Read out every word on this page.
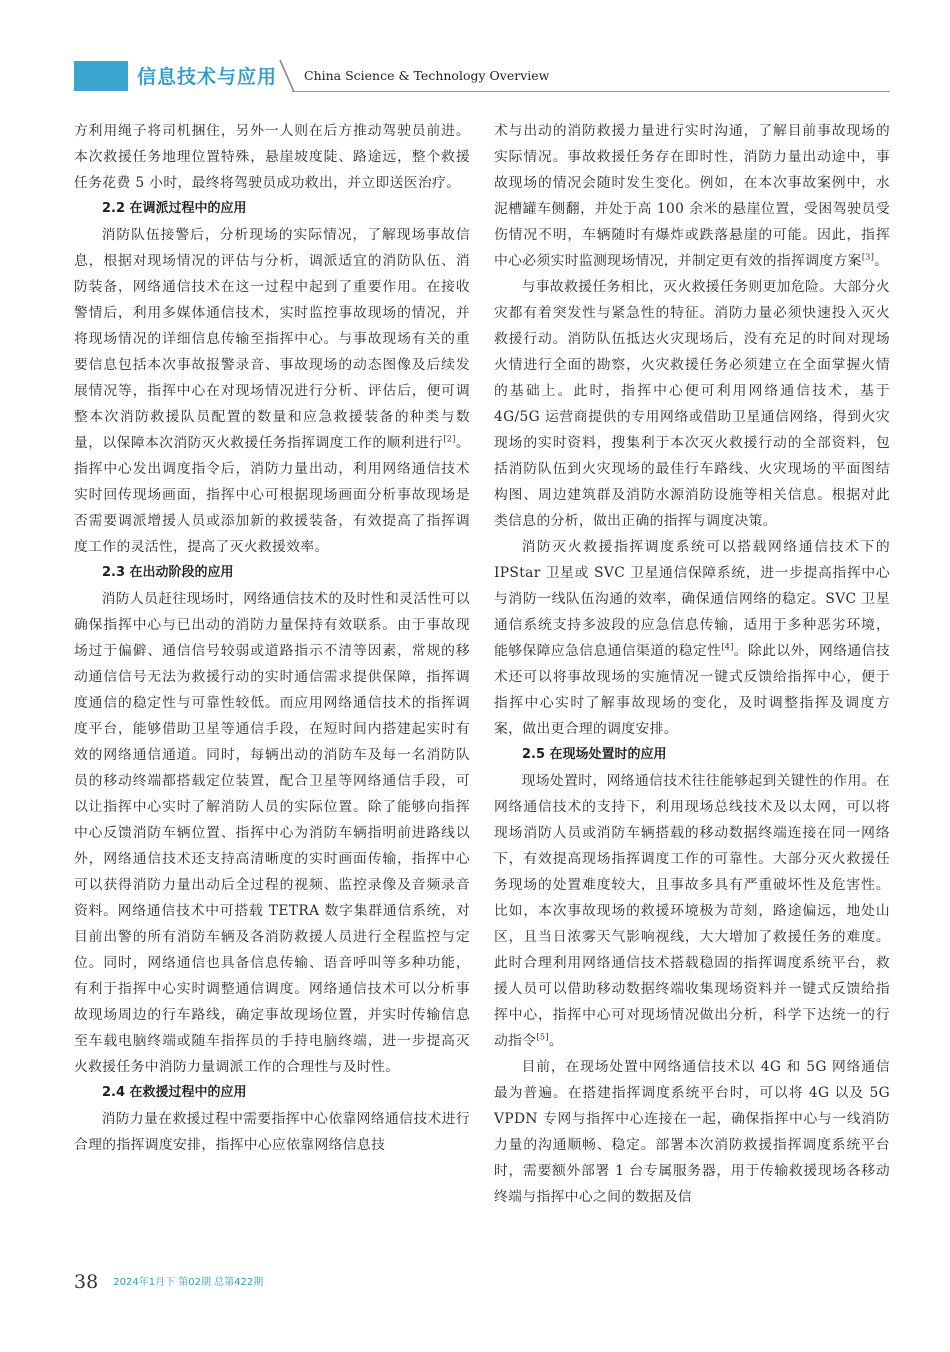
信息技术与应用 China Science & Technology Overview

方利用绳子将司机捆住，另外一人则在后方推动驾驶员前进。本次救援任务地理位置特殊，悬崖坡度陡、路途远，整个救援任务花费 5 小时，最终将驾驶员成功救出，并立即送医治疗。

2.2 在调派过程中的应用

消防队伍接警后，分析现场的实际情况，了解现场事故信息，根据对现场情况的评估与分析，调派适宜的消防队伍、消防装备，网络通信技术在这一过程中起到了重要作用。在接收警情后，利用多媒体通信技术，实时监控事故现场的情况，并将现场情况的详细信息传输至指挥中心。与事故现场有关的重要信息包括本次事故报警录音、事故现场的动态图像及后续发展情况等，指挥中心在对现场情况进行分析、评估后，便可调整本次消防救援队员配置的数量和应急救援装备的种类与数量，以保障本次消防灭火救援任务指挥调度工作的顺利进行[2]。指挥中心发出调度指令后，消防力量出动，利用网络通信技术实时回传现场画面，指挥中心可根据现场画面分析事故现场是否需要调派增援人员或添加新的救援装备，有效提高了指挥调度工作的灵活性，提高了灭火救援效率。

2.3 在出动阶段的应用

消防人员赶往现场时，网络通信技术的及时性和灵活性可以确保指挥中心与已出动的消防力量保持有效联系。由于事故现场过于偏僻、通信信号较弱或道路指示不清等因素，常规的移动通信信号无法为救援行动的实时通信需求提供保障，指挥调度通信的稳定性与可靠性较低。而应用网络通信技术的指挥调度平台，能够借助卫星等通信手段，在短时间内搭建起实时有效的网络通信通道。同时，每辆出动的消防车及每一名消防队员的移动终端都搭载定位装置，配合卫星等网络通信手段，可以让指挥中心实时了解消防人员的实际位置。除了能够向指挥中心反馈消防车辆位置、指挥中心为消防车辆指明前进路线以外，网络通信技术还支持高清晰度的实时画面传输，指挥中心可以获得消防力量出动后全过程的视频、监控录像及音频录音资料。网络通信技术中可搭载 TETRA 数字集群通信系统，对目前出警的所有消防车辆及各消防救援人员进行全程监控与定位。同时，网络通信也具备信息传输、语音呼叫等多种功能，有利于指挥中心实时调整通信调度。网络通信技术可以分析事故现场周边的行车路线，确定事故现场位置，并实时传输信息至车载电脑终端或随车指挥员的手持电脑终端，进一步提高灭火救援任务中消防力量调派工作的合理性与及时性。

2.4 在救援过程中的应用

消防力量在救援过程中需要指挥中心依靠网络通信技术进行合理的指挥调度安排，指挥中心应依靠网络信息技

术与出动的消防救援力量进行实时沟通，了解目前事故现场的实际情况。事故救援任务存在即时性，消防力量出动途中，事故现场的情况会随时发生变化。例如，在本次事故案例中，水泥槽罐车侧翻，并处于高 100 余米的悬崖位置，受困驾驶员受伤情况不明，车辆随时有爆炸或跌落悬崖的可能。因此，指挥中心必须实时监测现场情况，并制定更有效的指挥调度方案[3]。

与事故救援任务相比，灭火救援任务则更加危险。大部分火灾都有着突发性与紧急性的特征。消防力量必须快速投入灭火救援行动。消防队伍抵达火灾现场后，没有充足的时间对现场火情进行全面的勘察，火灾救援任务必须建立在全面掌握火情的基础上。此时，指挥中心便可利用网络通信技术，基于 4G/5G 运营商提供的专用网络或借助卫星通信网络，得到火灾现场的实时资料，搜集利于本次灭火救援行动的全部资料，包括消防队伍到火灾现场的最佳行车路线、火灾现场的平面图结构图、周边建筑群及消防水源消防设施等相关信息。根据对此类信息的分析，做出正确的指挥与调度决策。

消防灭火救援指挥调度系统可以搭载网络通信技术下的 IPStar 卫星或 SVC 卫星通信保障系统，进一步提高指挥中心与消防一线队伍沟通的效率，确保通信网络的稳定。SVC 卫星通信系统支持多波段的应急信息传输，适用于多种恶劣环境，能够保障应急信息通信渠道的稳定性[4]。除此以外，网络通信技术还可以将事故现场的实施情况一键式反馈给指挥中心，便于指挥中心实时了解事故现场的变化，及时调整指挥及调度方案，做出更合理的调度安排。

2.5 在现场处置时的应用

现场处置时，网络通信技术往往能够起到关键性的作用。在网络通信技术的支持下，利用现场总线技术及以太网，可以将现场消防人员或消防车辆搭载的移动数据终端连接在同一网络下，有效提高现场指挥调度工作的可靠性。大部分灭火救援任务现场的处置难度较大，且事故多具有严重破坏性及危害性。比如，本次事故现场的救援环境极为苛刻，路途偏远，地处山区，且当日浓雾天气影响视线，大大增加了救援任务的难度。此时合理利用网络通信技术搭载稳固的指挥调度系统平台，救援人员可以借助移动数据终端收集现场资料并一键式反馈给指挥中心，指挥中心可对现场情况做出分析，科学下达统一的行动指令[5]。

目前，在现场处置中网络通信技术以 4G 和 5G 网络通信最为普遍。在搭建指挥调度系统平台时，可以将 4G 以及 5G VPDN 专网与指挥中心连接在一起，确保指挥中心与一线消防力量的沟通顺畅、稳定。部署本次消防救援指挥调度系统平台时，需要额外部署 1 台专属服务器，用于传输救援现场各移动终端与指挥中心之间的数据及信

38 2024年1月下 第02期 总第422期
